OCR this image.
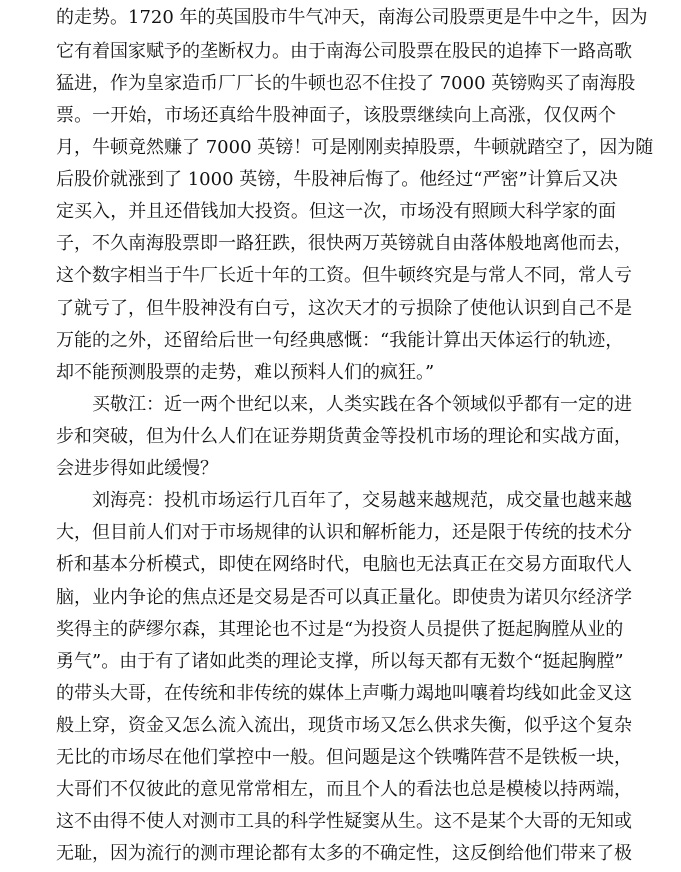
的走势。1720 年的英国股市牛气冲天，南海公司股票更是牛中之牛，因为
它有着国家赋予的垄断权力。由于南海公司股票在股民的追捧下一路高歌
猛进，作为皇家造币厂厂长的牛顿也忍不住投了 7000 英镑购买了南海股
票。一开始，市场还真给牛股神面子，该股票继续向上高涨，仅仅两个
月，牛顿竟然赚了 7000 英镑！可是刚刚卖掉股票，牛顿就踏空了，因为随
后股价就涨到了 1000 英镑，牛股神后悔了。他经过“严密”计算后又决
定买入，并且还借钱加大投资。但这一次，市场没有照顾大科学家的面
子，不久南海股票即一路狂跌，很快两万英镑就自由落体般地离他而去，
这个数字相当于牛厂长近十年的工资。但牛顿终究是与常人不同，常人亏
了就亏了，但牛股神没有白亏，这次天才的亏损除了使他认识到自己不是
万能的之外，还留给后世一句经典感慨：“我能计算出天体运行的轨迹，
却不能预测股票的走势，难以预料人们的疯狂。”
买敬江：近一两个世纪以来，人类实践在各个领域似乎都有一定的进
步和突破，但为什么人们在证券期货黄金等投机市场的理论和实战方面，
会进步得如此缓慢？
刘海亮：投机市场运行几百年了，交易越来越规范，成交量也越来越
大，但目前人们对于市场规律的认识和解析能力，还是限于传统的技术分
析和基本分析模式，即使在网络时代，电脑也无法真正在交易方面取代人
脑，业内争论的焦点还是交易是否可以真正量化。即使贵为诺贝尔经济学
奖得主的萨缪尔森，其理论也不过是“为投资人员提供了挺起胸膛从业的
勇气”。由于有了诸如此类的理论支撑，所以每天都有无数个“挺起胸膛”
的带头大哥，在传统和非传统的媒体上声嘶力竭地叫嚷着均线如此金叉这
般上穿，资金又怎么流入流出，现货市场又怎么供求失衡，似乎这个复杂
无比的市场尽在他们掌控中一般。但问题是这个铁嘴阵营不是铁板一块，
大哥们不仅彼此的意见常常相左，而且个人的看法也总是模棱以持两端，
这不由得不使人对测市工具的科学性疑窦从生。这不是某个大哥的无知或
无耻，因为流行的测市理论都有太多的不确定性，这反倒给他们带来了极
